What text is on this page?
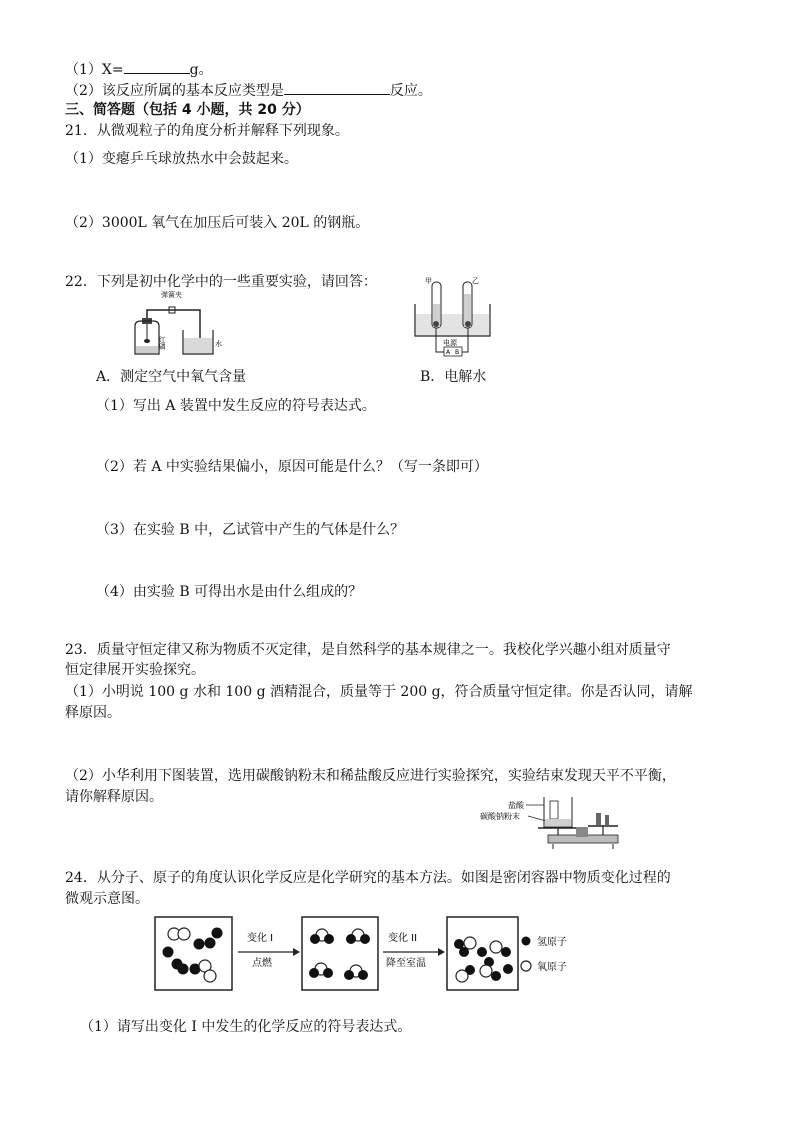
（1）X=	g。
（2）该反应所属的基本反应类型是	反应。
三、简答题（包括 4 小题，共 20 分）
21．从微观粒子的角度分析并解释下列现象。
（1）变瘪乒乓球放热水中会鼓起来。
（2）3000L 氧气在加压后可装入 20L 的钢瓶。
22．下列是初中化学中的一些重要实验，请回答：
弹簧夹
红磷	水
甲	乙
电源
A B
A．测定空气中氧气含量	B．电解水
（1）写出 A 装置中发生反应的符号表达式。
（2）若 A 中实验结果偏小，原因可能是什么？（写一条即可）
（3）在实验 B 中，乙试管中产生的气体是什么？
（4）由实验 B 可得出水是由什么组成的？
23．质量守恒定律又称为物质不灭定律，是自然科学的基本规律之一。我校化学兴趣小组对质量守
恒定律展开实验探究。
（1）小明说 100 g 水和 100 g 酒精混合，质量等于 200 g，符合质量守恒定律。你是否认同，请解
释原因。
（2）小华利用下图装置，选用碳酸钠粉末和稀盐酸反应进行实验探究，实验结束发现天平不平衡，
请你解释原因。
盐酸
碳酸钠粉末
24．从分子、原子的角度认识化学反应是化学研究的基本方法。如图是密闭容器中物质变化过程的
微观示意图。
变化 I
点燃
变化 II
降至室温
氢原子
氧原子
（1）请写出变化 I 中发生的化学反应的符号表达式。
